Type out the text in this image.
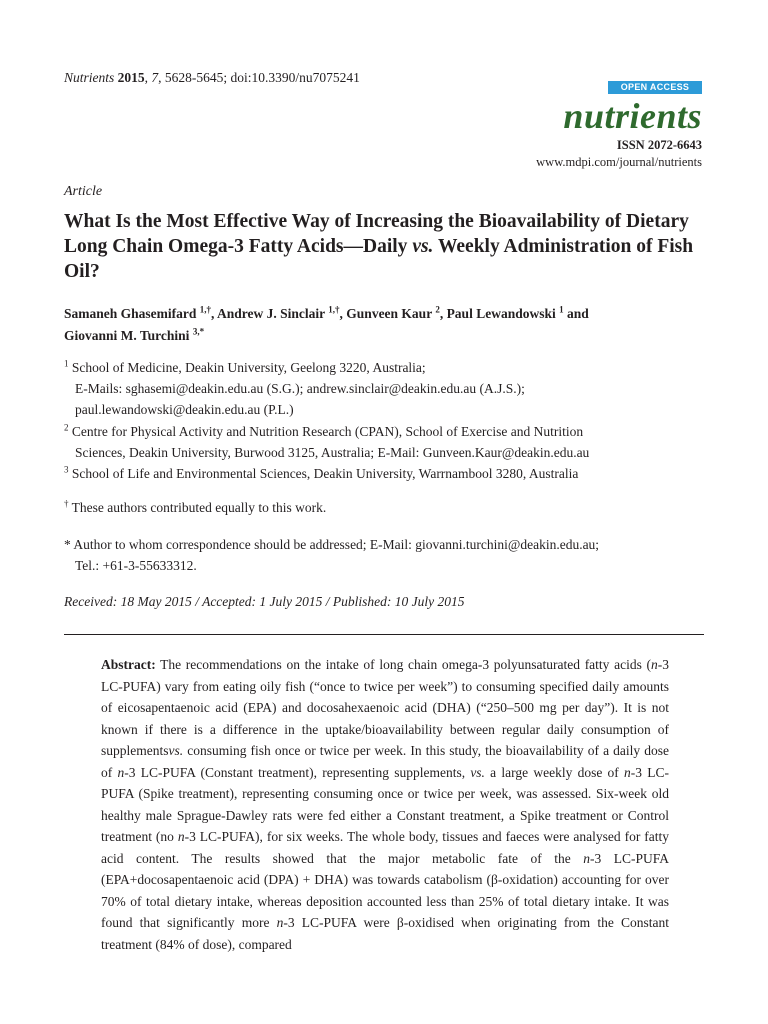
Nutrients 2015, 7, 5628-5645; doi:10.3390/nu7075241
OPEN ACCESS
nutrients
ISSN 2072-6643
www.mdpi.com/journal/nutrients
Article
What Is the Most Effective Way of Increasing the Bioavailability of Dietary Long Chain Omega-3 Fatty Acids—Daily vs. Weekly Administration of Fish Oil?
Samaneh Ghasemifard $^{1,\dagger}$, Andrew J. Sinclair $^{1,\dagger}$, Gunveen Kaur $^2$, Paul Lewandowski $^1$ and
Giovanni M. Turchini $^{3,*}$
$^1$ School of Medicine, Deakin University, Geelong 3220, Australia;
E-Mails: sghasemi@deakin.edu.au (S.G.); andrew.sinclair@deakin.edu.au (A.J.S.);
paul.lewandowski@deakin.edu.au (P.L.)
$^2$ Centre for Physical Activity and Nutrition Research (CPAN), School of Exercise and Nutrition
Sciences, Deakin University, Burwood 3125, Australia; E-Mail: Gunveen.Kaur@deakin.edu.au
$^3$ School of Life and Environmental Sciences, Deakin University, Warrnambool 3280, Australia
† These authors contributed equally to this work.
* Author to whom correspondence should be addressed; E-Mail: giovanni.turchini@deakin.edu.au;
Tel.: +61-3-55633312.
Received: 18 May 2015 / Accepted: 1 July 2015 / Published: 10 July 2015
Abstract: The recommendations on the intake of long chain omega-3 polyunsaturated fatty acids (n-3 LC-PUFA) vary from eating oily fish (“once to twice per week”) to consuming specified daily amounts of eicosapentaenoic acid (EPA) and docosahexaenoic acid (DHA) (“250–500 mg per day”). It is not known if there is a difference in the uptake/bioavailability between regular daily consumption of supplementsvs. consuming fish once or twice per week. In this study, the bioavailability of a daily dose of n-3 LC-PUFA (Constant treatment), representing supplements, vs. a large weekly dose of n-3 LC-PUFA (Spike treatment), representing consuming once or twice per week, was assessed. Six-week old healthy male Sprague-Dawley rats were fed either a Constant treatment, a Spike treatment or Control treatment (no n-3 LC-PUFA), for six weeks. The whole body, tissues and faeces were analysed for fatty acid content. The results showed that the major metabolic fate of the n-3 LC-PUFA (EPA+docosapentaenoic acid (DPA) + DHA) was towards catabolism (β-oxidation) accounting for over 70% of total dietary intake, whereas deposition accounted less than 25% of total dietary intake. It was found that significantly more n-3 LC-PUFA were β-oxidised when originating from the Constant treatment (84% of dose), compared
